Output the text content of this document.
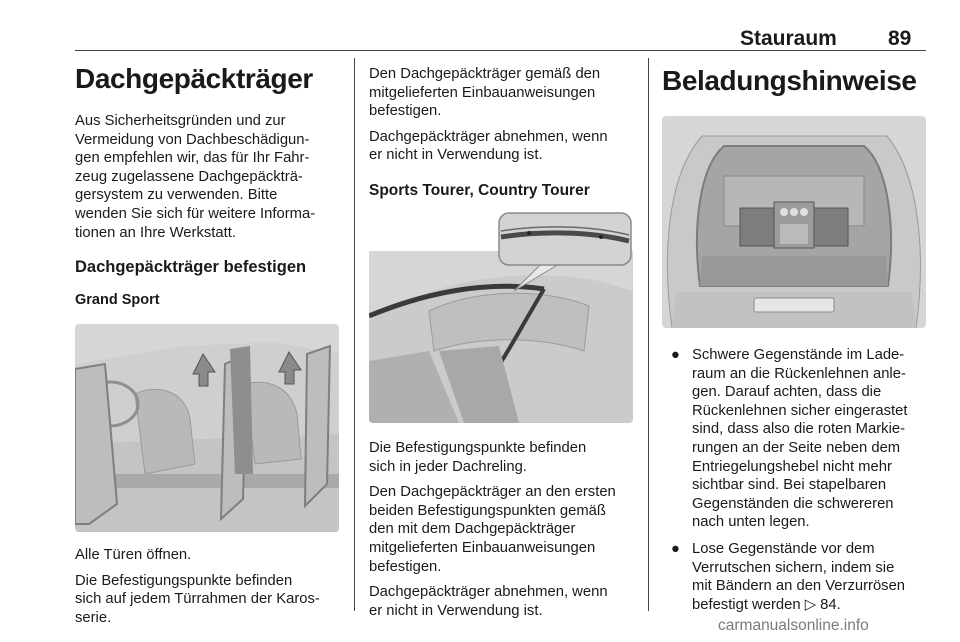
Stauraum 89
Dachgepäckträger

Aus Sicherheitsgründen und zur
Vermeidung von Dachbeschädigun-
gen empfehlen wir, das für Ihr Fahr-
zeug zugelassene Dachgepäckträ-
gersystem zu verwenden. Bitte
wenden Sie sich für weitere Informa-
tionen an Ihre Werkstatt.

Dachgepäckträger befestigen
Grand Sport

Alle Türen öffnen.

Die Befestigungspunkte befinden
sich auf jedem Türrahmen der Karos-
serie.

Den Dachgepäckträger gemäß den
mitgelieferten Einbauanweisungen
befestigen.

Dachgepäckträger abnehmen, wenn
er nicht in Verwendung ist.

Sports Tourer, Country Tourer

Die Befestigungspunkte befinden
sich in jeder Dachreling.

Den Dachgepäckträger an den ersten
beiden Befestigungspunkten gemäß
den mit dem Dachgepäckträger
mitgelieferten Einbauanweisungen
befestigen.

Dachgepäckträger abnehmen, wenn
er nicht in Verwendung ist.

Beladungshinweise
● Schwere Gegenstände im Lade-
raum an die Rückenlehnen anle-
gen. Darauf achten, dass die
Rückenlehnen sicher eingerastet
sind, dass also die roten Markie-
rungen an der Seite neben dem
Entriegelungshebel nicht mehr
sichtbar sind. Bei stapelbaren
Gegenständen die schwereren
nach unten legen.
● Lose Gegenstände vor dem
Verrutschen sichern, indem sie
mit Bändern an den Verzurrösen
befestigt werden ▷ 84.
carmanualsonline.info
